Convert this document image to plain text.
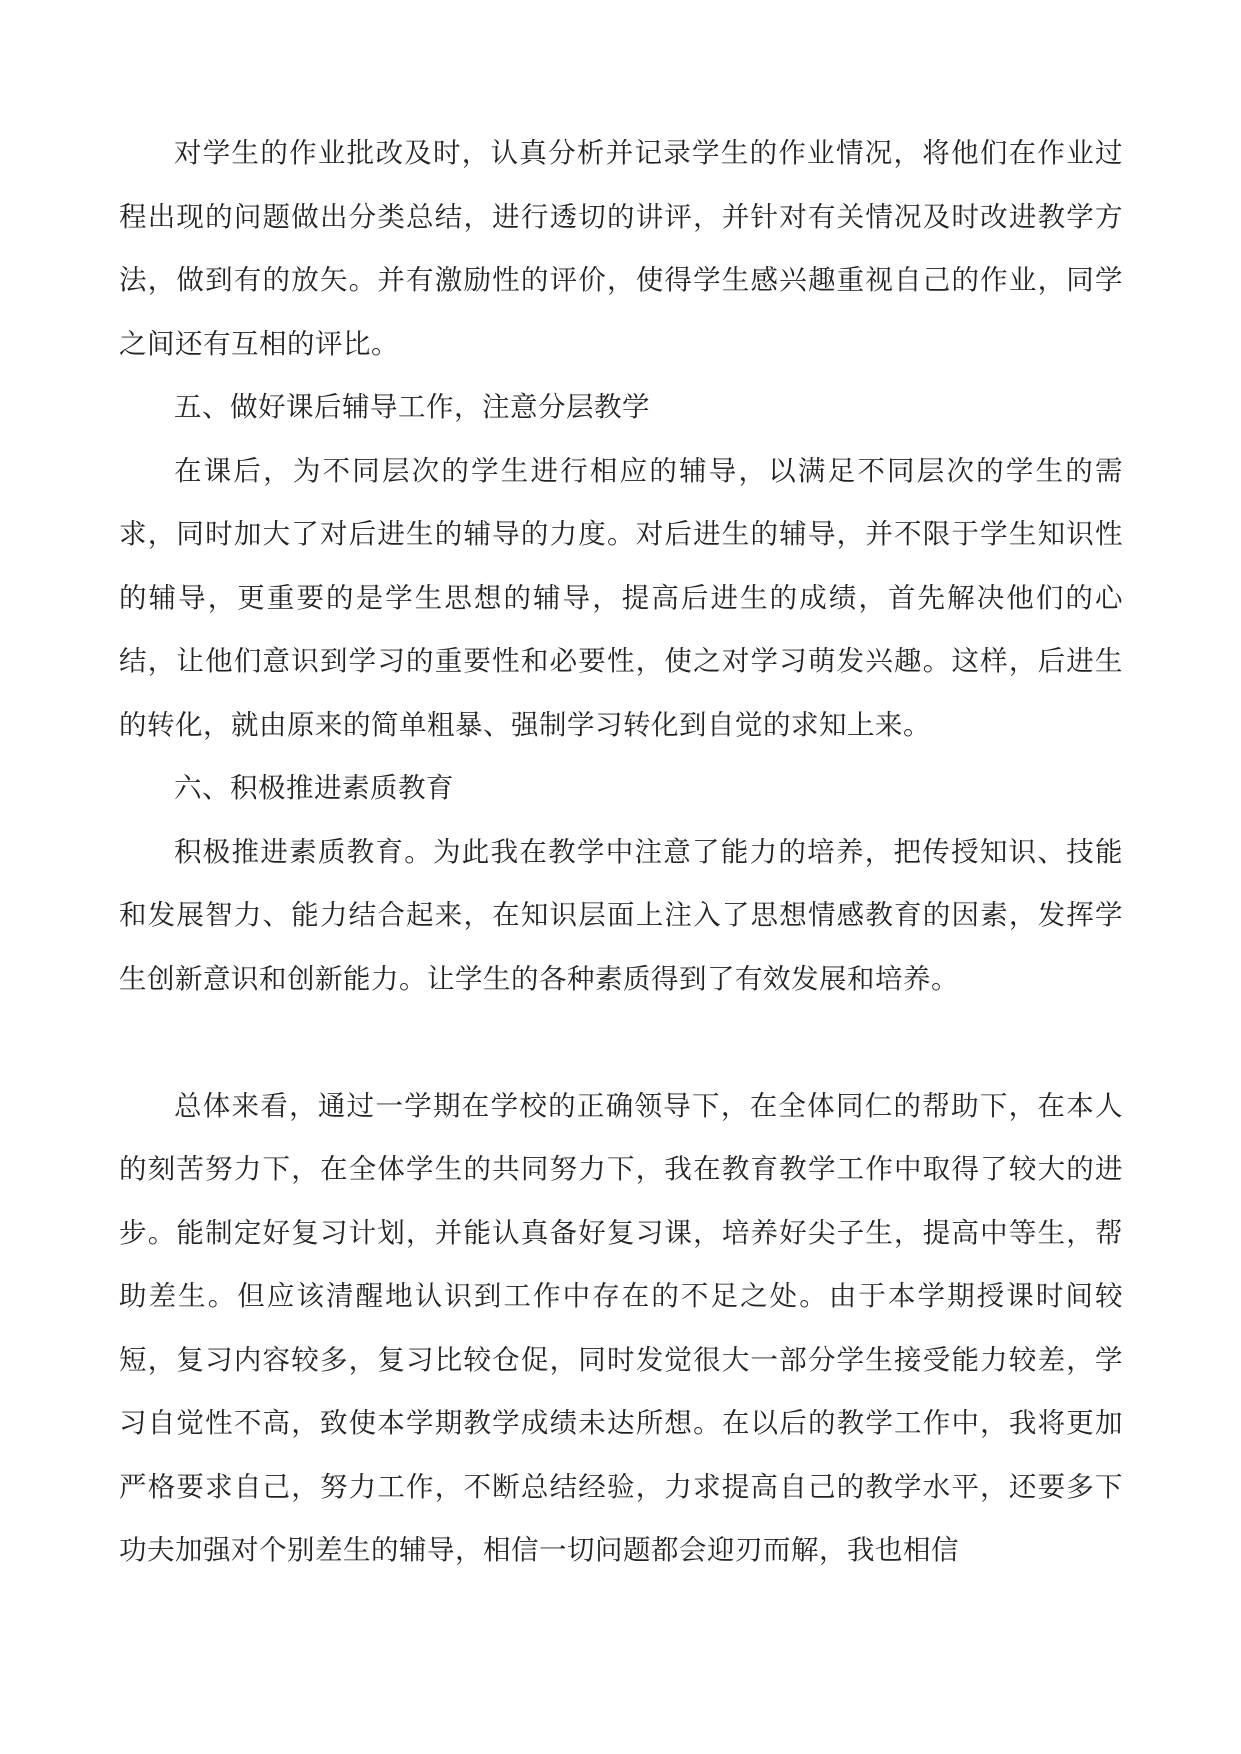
对学生的作业批改及时，认真分析并记录学生的作业情况，将他们在作业过程出现的问题做出分类总结，进行透切的讲评，并针对有关情况及时改进教学方法，做到有的放矢。并有激励性的评价，使得学生感兴趣重视自己的作业，同学之间还有互相的评比。

五、做好课后辅导工作，注意分层教学

在课后，为不同层次的学生进行相应的辅导，以满足不同层次的学生的需求，同时加大了对后进生的辅导的力度。对后进生的辅导，并不限于学生知识性的辅导，更重要的是学生思想的辅导，提高后进生的成绩，首先解决他们的心结，让他们意识到学习的重要性和必要性，使之对学习萌发兴趣。这样，后进生的转化，就由原来的简单粗暴、强制学习转化到自觉的求知上来。

六、积极推进素质教育

积极推进素质教育。为此我在教学中注意了能力的培养，把传授知识、技能和发展智力、能力结合起来，在知识层面上注入了思想情感教育的因素，发挥学生创新意识和创新能力。让学生的各种素质得到了有效发展和培养。

总体来看，通过一学期在学校的正确领导下，在全体同仁的帮助下，在本人的刻苦努力下，在全体学生的共同努力下，我在教育教学工作中取得了较大的进步。能制定好复习计划，并能认真备好复习课，培养好尖子生，提高中等生，帮助差生。但应该清醒地认识到工作中存在的不足之处。由于本学期授课时间较短，复习内容较多，复习比较仓促，同时发觉很大一部分学生接受能力较差，学习自觉性不高，致使本学期教学成绩未达所想。在以后的教学工作中，我将更加严格要求自己，努力工作，不断总结经验，力求提高自己的教学水平，还要多下功夫加强对个别差生的辅导，相信一切问题都会迎刃而解，我也相信
